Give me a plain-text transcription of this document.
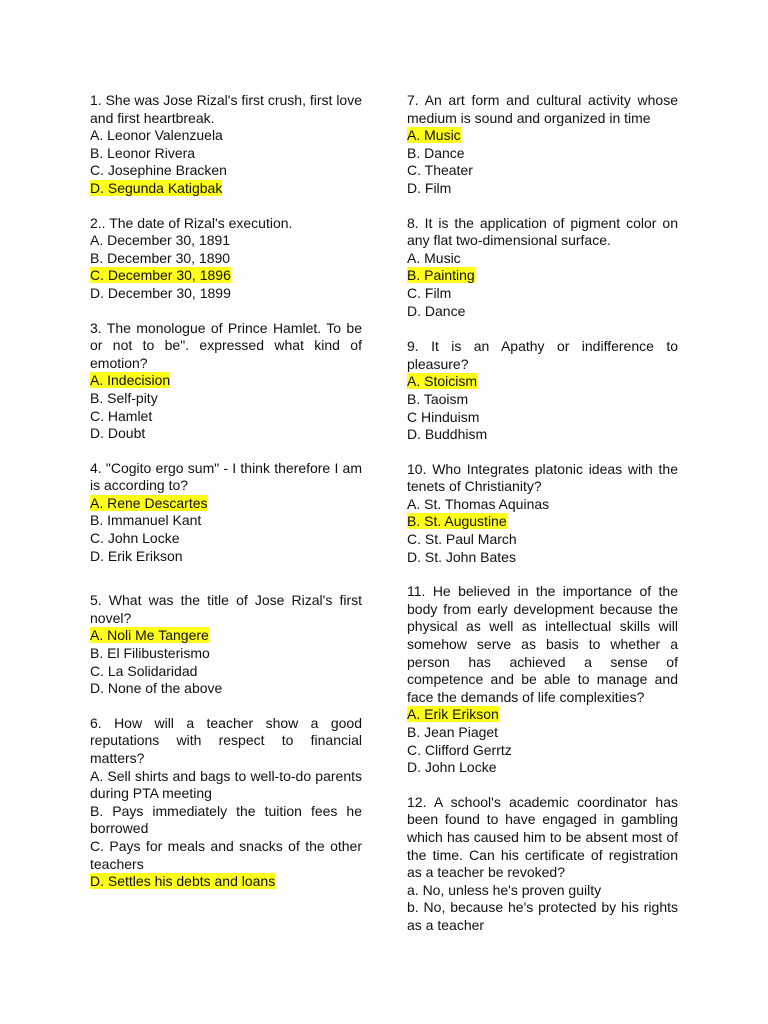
1. She was Jose Rizal's first crush, first love and first heartbreak.

A. Leonor Valenzuela
B. Leonor Rivera
C. Josephine Bracken
D. Segunda Katigbak

2.. The date of Rizal's execution.

A. December 30, 1891
B. December 30, 1890
C. December 30, 1896
D. December 30, 1899

3. The monologue of Prince Hamlet. To be or not to be". expressed what kind of emotion?

A. Indecision
B. Self-pity
C. Hamlet
D. Doubt

4. "Cogito ergo sum" - I think therefore I am is according to?

A. Rene Descartes
B. Immanuel Kant
C. John Locke
D. Erik Erikson

5. What was the title of Jose Rizal's first novel?

A. Noli Me Tangere
B. El Filibusterismo
C. La Solidaridad
D. None of the above

6. How will a teacher show a good reputations with respect to financial matters?

A. Sell shirts and bags to well-to-do parents during PTA meeting
B. Pays immediately the tuition fees he borrowed
C. Pays for meals and snacks of the other teachers
D. Settles his debts and loans

7. An art form and cultural activity whose medium is sound and organized in time

A. Music
B. Dance
C. Theater
D. Film

8. It is the application of pigment color on any flat two-dimensional surface.

A. Music
B. Painting
C. Film
D. Dance

9. It is an Apathy or indifference to pleasure?

A. Stoicism
B. Taoism
C Hinduism
D. Buddhism

10. Who Integrates platonic ideas with the tenets of Christianity?

A. St. Thomas Aquinas
B. St. Augustine
C. St. Paul March
D. St. John Bates

11. He believed in the importance of the body from early development because the physical as well as intellectual skills will somehow serve as basis to whether a person has achieved a sense of competence and be able to manage and face the demands of life complexities?

A. Erik Erikson
B. Jean Piaget
C. Clifford Gerrtz
D. John Locke

12. A school's academic coordinator has been found to have engaged in gambling which has caused him to be absent most of the time. Can his certificate of registration as a teacher be revoked?

a. No, unless he's proven guilty
b. No, because he's protected by his rights as a teacher
